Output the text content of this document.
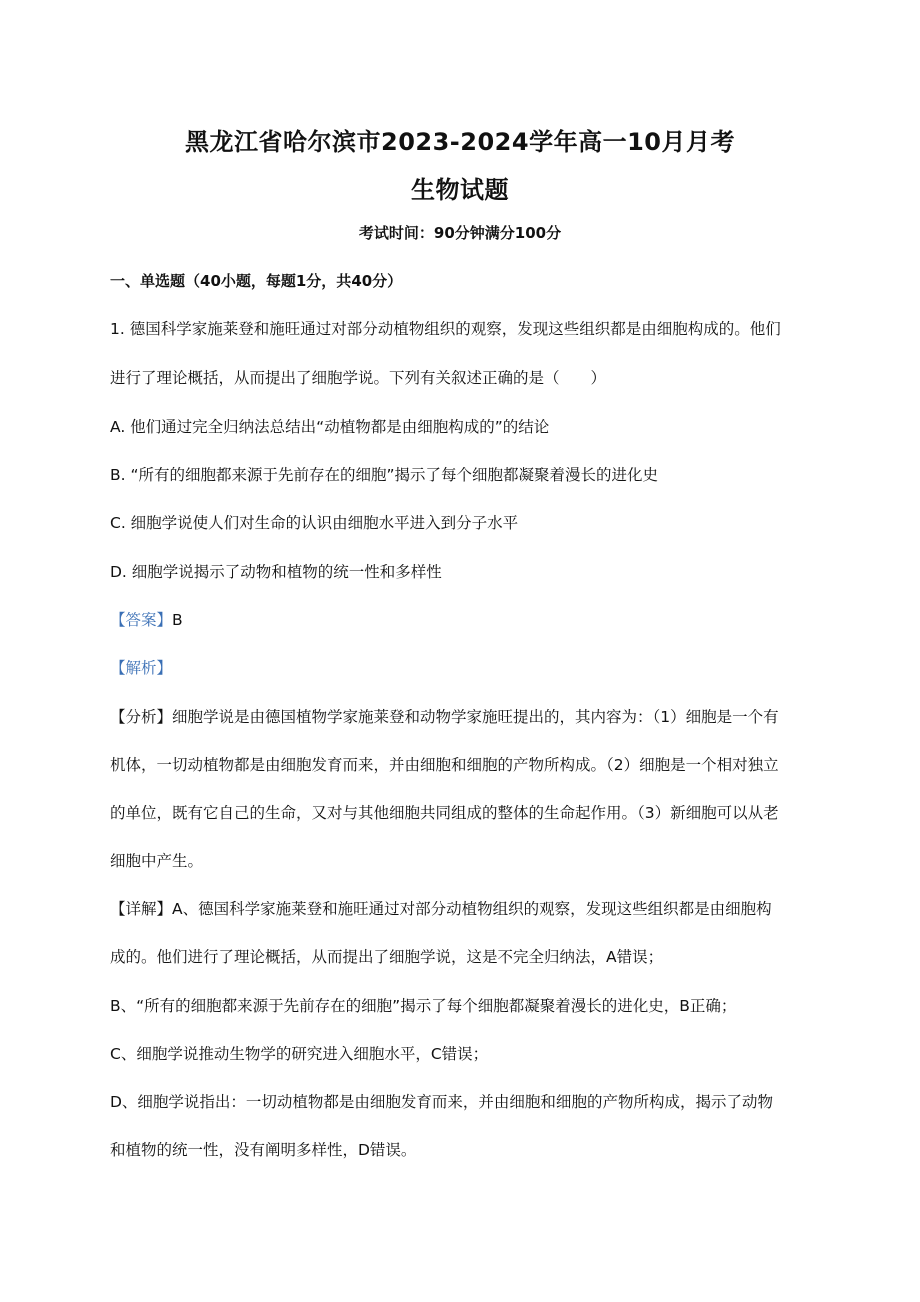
黑龙江省哈尔滨市2023-2024学年高一10月月考
生物试题
考试时间：90分钟满分100分
一、单选题（40小题，每题1分，共40分）
1. 德国科学家施莱登和施旺通过对部分动植物组织的观察，发现这些组织都是由细胞构成的。他们
进行了理论概括，从而提出了细胞学说。下列有关叙述正确的是（　　）
A. 他们通过完全归纳法总结出“动植物都是由细胞构成的”的结论
B. “所有的细胞都来源于先前存在的细胞”揭示了每个细胞都凝聚着漫长的进化史
C. 细胞学说使人们对生命的认识由细胞水平进入到分子水平
D. 细胞学说揭示了动物和植物的统一性和多样性
【答案】B
【解析】
【分析】细胞学说是由德国植物学家施莱登和动物学家施旺提出的，其内容为：（1）细胞是一个有
机体，一切动植物都是由细胞发育而来，并由细胞和细胞的产物所构成。（2）细胞是一个相对独立
的单位，既有它自己的生命，又对与其他细胞共同组成的整体的生命起作用。（3）新细胞可以从老
细胞中产生。
【详解】A、德国科学家施莱登和施旺通过对部分动植物组织的观察，发现这些组织都是由细胞构
成的。他们进行了理论概括，从而提出了细胞学说，这是不完全归纳法，A错误；
B、“所有的细胞都来源于先前存在的细胞”揭示了每个细胞都凝聚着漫长的进化史，B正确；
C、细胞学说推动生物学的研究进入细胞水平，C错误；
D、细胞学说指出：一切动植物都是由细胞发育而来，并由细胞和细胞的产物所构成，揭示了动物
和植物的统一性，没有阐明多样性，D错误。
